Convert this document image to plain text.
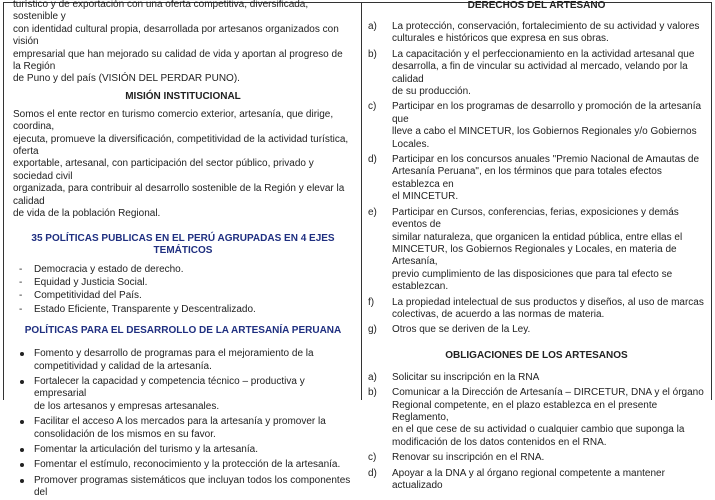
turístico y de exportación con una oferta competitiva, diversificada, sostenible y
con identidad cultural propia, desarrollada por artesanos organizados con visión
empresarial que han mejorado su calidad de vida y aportan al progreso de la Región
de Puno y del país (VISIÓN DEL PERDAR PUNO).
MISIÓN INSTITUCIONAL
Somos el ente rector en turismo comercio exterior, artesanía, que dirige, coordina,
ejecuta, promueve la diversificación, competitividad de la actividad turística, oferta
exportable, artesanal, con participación del sector público, privado y sociedad civil
organizada, para contribuir al desarrollo sostenible de la Región y elevar la calidad
de vida de la población Regional.
35 POLÍTICAS PUBLICAS EN EL PERÚ AGRUPADAS EN 4 EJES TEMÁTICOS
- Democracia y estado de derecho.
- Equidad y Justicia Social.
- Competitividad del País.
- Estado Eficiente, Transparente y Descentralizado.
POLÍTICAS PARA EL DESARROLLO DE LA ARTESANÍA PERUANA
Fomento y desarrollo de programas para el mejoramiento de la
competitividad y calidad de la artesanía.
Fortalecer la capacidad y competencia técnico – productiva y empresarial
de los artesanos y empresas artesanales.
Facilitar el acceso A los mercados para la artesanía y promover la
consolidación de los mismos en su favor.
Fomentar la articulación del turismo y la artesanía.
Fomentar el estímulo, reconocimiento y la protección de la artesanía.
Promover programas sistemáticos que incluyan todos los componentes del
DERECHOS DEL ARTESANO
a) La protección, conservación, fortalecimiento de su actividad y valores
culturales e históricos que expresa en sus obras.
b) La capacitación y el perfeccionamiento en la actividad artesanal que
desarrolla, a fin de vincular su actividad al mercado, velando por la calidad
de su producción.
c) Participar en los programas de desarrollo y promoción de la artesanía que
lleve a cabo el MINCETUR, los Gobiernos Regionales y/o Gobiernos Locales.
d) Participar en los concursos anuales "Premio Nacional de Amautas de
Artesanía Peruana", en los términos que para totales efectos establezca en
el MINCETUR.
e) Participar en Cursos, conferencias, ferias, exposiciones y demás eventos de
similar naturaleza, que organicen la entidad pública, entre ellas el
MINCETUR, los Gobiernos Regionales y Locales, en materia de Artesanía,
previo cumplimiento de las disposiciones que para tal efecto se
establezcan.
f) La propiedad intelectual de sus productos y diseños, al uso de marcas
colectivas, de acuerdo a las normas de materia.
g) Otros que se deriven de la Ley.
OBLIGACIONES DE LOS ARTESANOS
a) Solicitar su inscripción en la RNA
b) Comunicar a la Dirección de Artesanía – DIRCETUR, DNA y el órgano
Regional competente, en el plazo establezca en el presente Reglamento,
en el que cese de su actividad o cualquier cambio que suponga la
modificación de los datos contenidos en el RNA.
c) Renovar su inscripción en el RNA.
d) Apoyar a la DNA y al órgano regional competente a mantener actualizado
